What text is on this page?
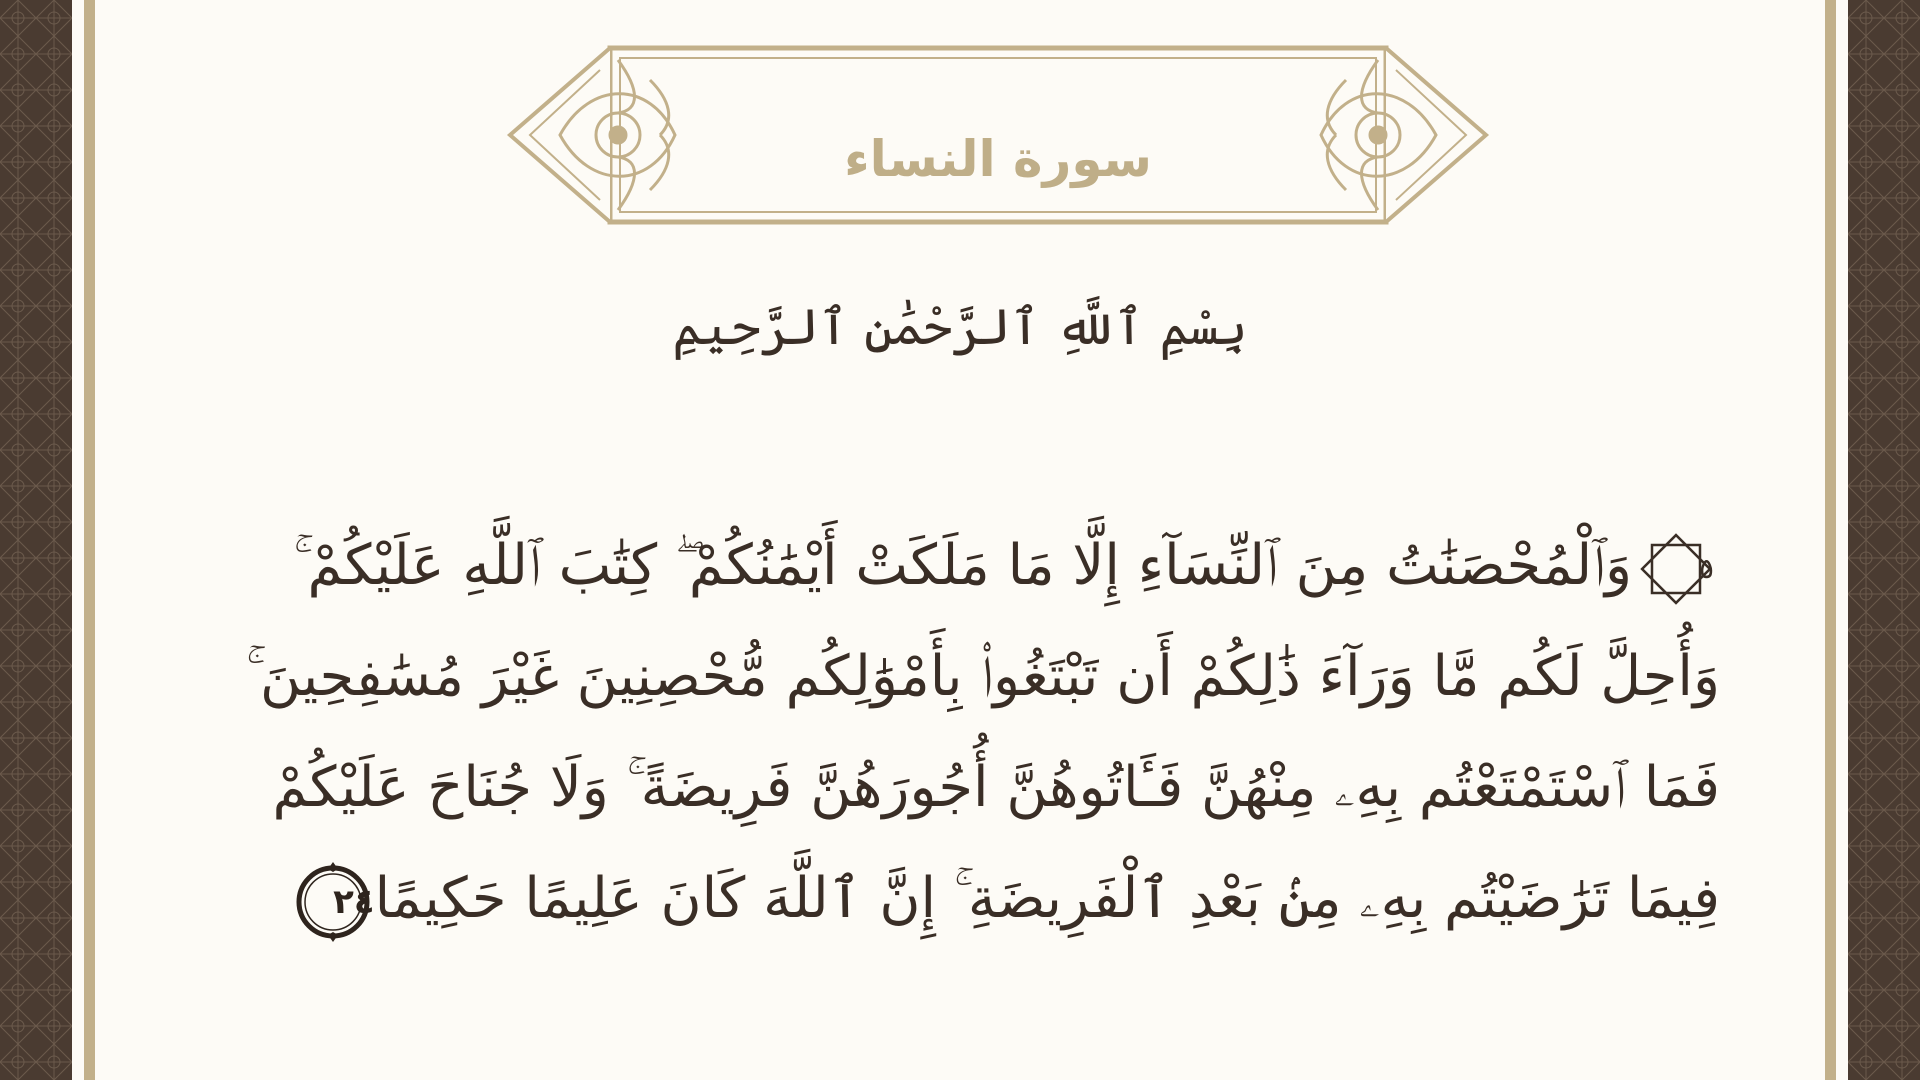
سورة النساء
بِسْمِ ٱللَّهِ ٱلرَّحْمَٰنِ ٱلرَّحِيمِ
٥
وَٱلْمُحْصَنَٰتُ مِنَ ٱلنِّسَآءِ إِلَّا مَا مَلَكَتْ أَيْمَٰنُكُمْ ۖ كِتَٰبَ ٱللَّهِ عَلَيْكُمْ ۚ
وَأُحِلَّ لَكُم مَّا وَرَآءَ ذَٰلِكُمْ أَن تَبْتَغُوا۟ بِأَمْوَٰلِكُم مُّحْصِنِينَ غَيْرَ مُسَٰفِحِينَ ۚ
فَمَا ٱسْتَمْتَعْتُم بِهِۦ مِنْهُنَّ فَـَٔاتُوهُنَّ أُجُورَهُنَّ فَرِيضَةً ۚ وَلَا جُنَاحَ عَلَيْكُمْ
فِيمَا تَرَٰضَيْتُم بِهِۦ مِنۢ بَعْدِ ٱلْفَرِيضَةِ ۚ إِنَّ ٱللَّهَ كَانَ عَلِيمًا حَكِيمًا
٢٤
